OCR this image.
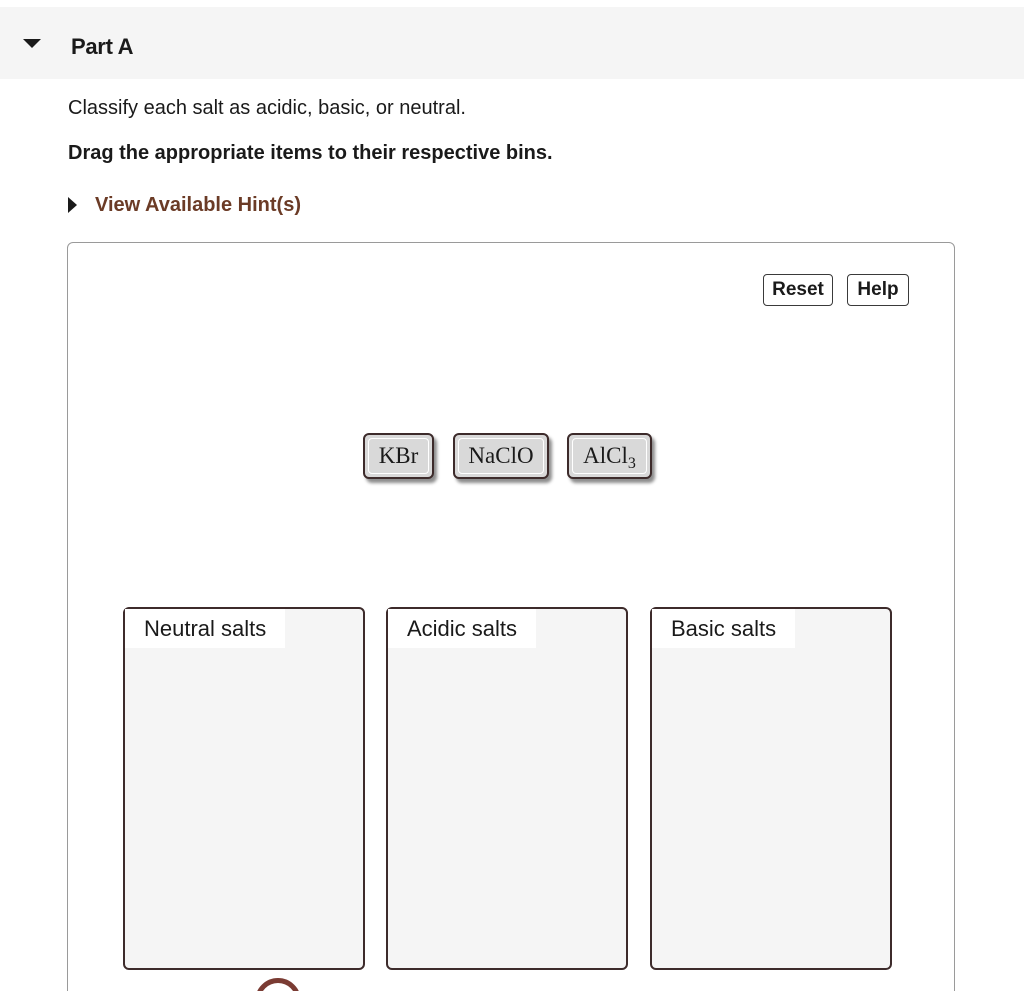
Part A
Classify each salt as acidic, basic, or neutral.
Drag the appropriate items to their respective bins.
View Available Hint(s)
Reset	Help
KBr NaClO AlCl$_3$
Neutral salts	Acidic salts	Basic salts
